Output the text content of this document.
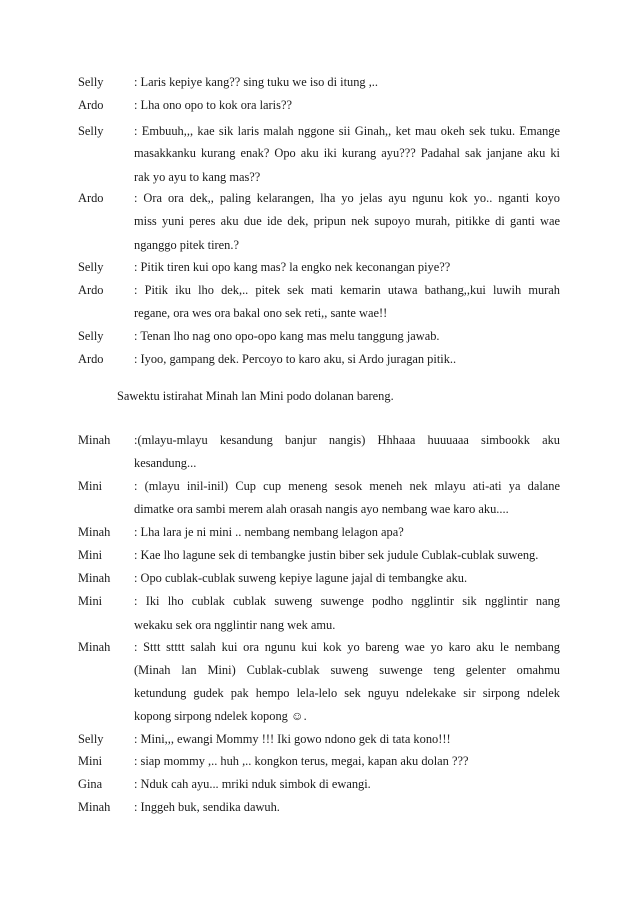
Selly : Laris kepiye kang?? sing tuku we iso di itung ,..
Ardo : Lha ono opo to kok ora laris??
Selly : Embuuh,,, kae sik laris malah nggone sii Ginah,, ket mau okeh sek tuku. Emange
masakkanku kurang enak? Opo aku iki kurang ayu??? Padahal sak janjane aku ki
rak yo ayu to kang mas??
Ardo : Ora ora dek,, paling kelarangen, lha yo jelas ayu ngunu kok yo.. nganti koyo
miss yuni peres aku due ide dek, pripun nek supoyo murah, pitikke di ganti wae
nganggo pitek tiren.?
Selly : Pitik tiren kui opo kang mas? la engko nek keconangan piye??
Ardo : Pitik iku lho dek,.. pitek sek mati kemarin utawa bathang,,kui luwih murah
regane, ora wes ora bakal ono sek reti,, sante wae!!
Selly : Tenan lho nag ono opo-opo kang mas melu tanggung jawab.
Ardo : Iyoo, gampang dek. Percoyo to karo aku, si Ardo juragan pitik..
Sawektu istirahat Minah lan Mini podo dolanan bareng.
Minah :(mlayu-mlayu kesandung banjur nangis) Hhhaaa huuuaaa simbookk aku
kesandung...
Mini	: (mlayu inil-inil) Cup cup meneng sesok meneh nek mlayu ati-ati ya dalane
dimatke ora sambi merem alah orasah nangis ayo nembang wae karo aku....
Minah : Lha lara je ni mini .. nembang nembang lelagon apa?
Mini	: Kae lho lagune sek di tembangke justin biber sek judule Cublak-cublak suweng.
Minah : Opo cublak-cublak suweng kepiye lagune jajal di tembangke aku.
Mini	: Iki lho cublak cublak suweng suwenge podho ngglintir sik ngglintir nang
wekaku sek ora ngglintir nang wek amu.
Minah : Sttt stttt salah kui ora ngunu kui kok yo bareng wae yo karo aku le nembang
(Minah lan Mini) Cublak-cublak suweng suwenge teng gelenter omahmu
ketundung gudek pak hempo lela-lelo sek nguyu ndelekake sir sirpong ndelek
kopong sirpong ndelek kopong ☺.
Selly : Mini,,, ewangi Mommy !!! Iki gowo ndono gek di tata kono!!!
Mini	: siap mommy ,.. huh ,.. kongkon terus, megai, kapan aku dolan ???
Gina	: Nduk cah ayu... mriki nduk simbok di ewangi.
Minah : Inggeh buk, sendika dawuh.
